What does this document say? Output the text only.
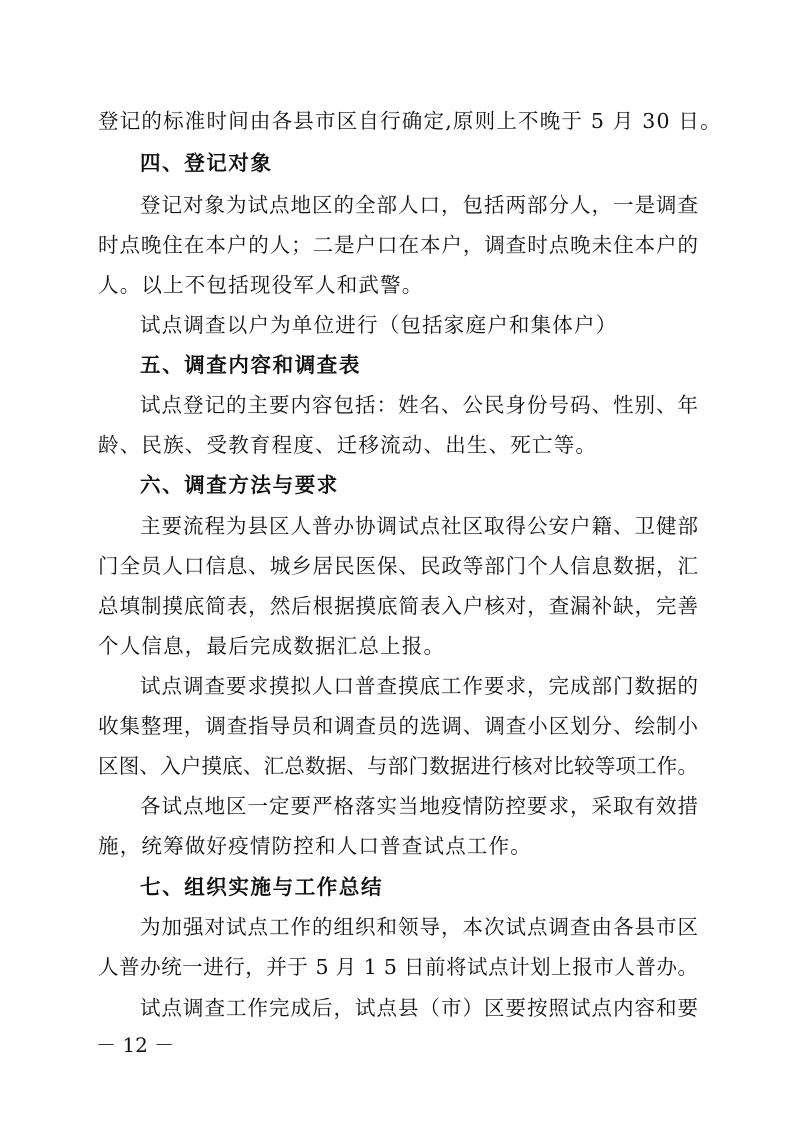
登记的标准时间由各县市区自行确定,原则上不晚于 5 月 30 日。
四、登记对象
登记对象为试点地区的全部人口，包括两部分人，一是调查
时点晚住在本户的人；二是户口在本户，调查时点晚未住本户的
人。以上不包括现役军人和武警。
试点调查以户为单位进行（包括家庭户和集体户）
五、调查内容和调查表
试点登记的主要内容包括：姓名、公民身份号码、性别、年
龄、民族、受教育程度、迁移流动、出生、死亡等。
六、调查方法与要求
主要流程为县区人普办协调试点社区取得公安户籍、卫健部
门全员人口信息、城乡居民医保、民政等部门个人信息数据，汇
总填制摸底简表，然后根据摸底简表入户核对，查漏补缺，完善
个人信息，最后完成数据汇总上报。
试点调查要求摸拟人口普查摸底工作要求，完成部门数据的
收集整理，调查指导员和调查员的选调、调查小区划分、绘制小
区图、入户摸底、汇总数据、与部门数据进行核对比较等项工作。
各试点地区一定要严格落实当地疫情防控要求，采取有效措
施，统筹做好疫情防控和人口普查试点工作。
七、组织实施与工作总结
为加强对试点工作的组织和领导，本次试点调查由各县市区
人普办统一进行，并于 5 月 1 5 日前将试点计划上报市人普办。
试点调查工作完成后，试点县（市）区要按照试点内容和要
－ 12 －
